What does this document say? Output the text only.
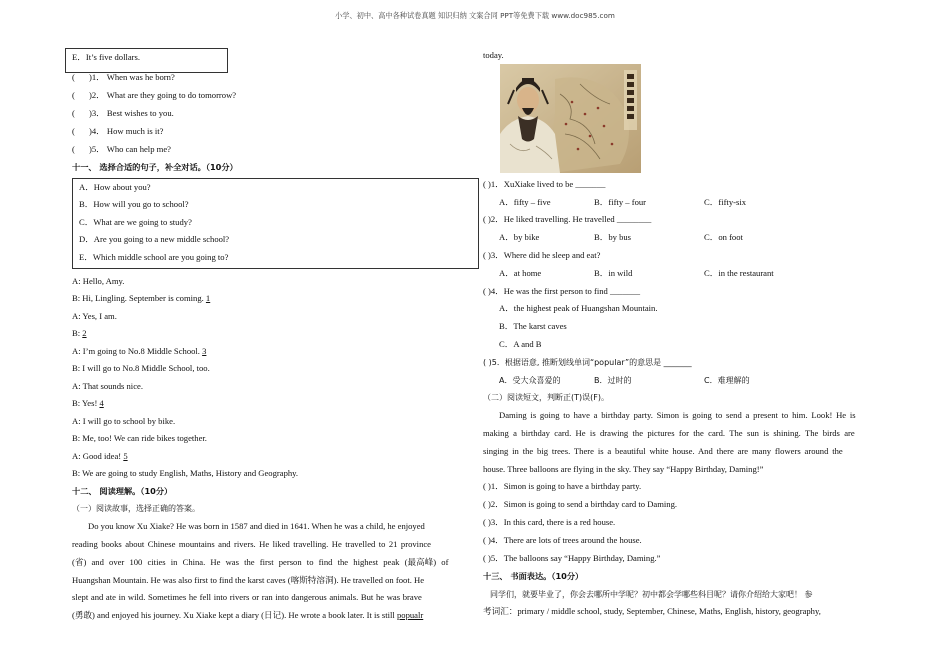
小学、初中、高中各种试卷真题 知识归纳 文案合同 PPT等免费下载 www.doc985.com
E．It’s five dollars.
( )1． When was he born?
( )2． What are they going to do tomorrow?
( )3． Best wishes to you.
( )4． How much is it?
( )5． Who can help me?
十一、 选择合适的句子，补全对话。（10分）
A．How about you?
B．How will you go to school?
C．What are we going to study?
D．Are you going to a new middle school?
E．Which middle school are you going to?
A: Hello, Amy.
B: Hi, Lingling. September is coming. 1
A: Yes, I am.
B: 2
A: I’m going to No.8 Middle School. 3
B: I will go to No.8 Middle School, too.
A: That sounds nice.
B: Yes! 4
A: I will go to school by bike.
B: Me, too! We can ride bikes together.
A: Good idea! 5
B: We are going to study English, Maths, History and Geography.
十二、 阅读理解。（10分）
（一）阅读故事，选择正确的答案。
Do you know Xu Xiake? He was born in 1587 and died in 1641. When he was a child, he enjoyed
reading books about Chinese mountains and rivers. He liked travelling. He travelled to 21 province
(省) and over 100 cities in China. He was the first person to find the highest peak (最高峰) of
Huangshan Mountain. He was also first to find the karst caves (喀斯特溶洞). He travelled on foot. He
slept and ate in wild. Sometimes he fell into rivers or ran into dangerous animals. But he was brave
(勇敢) and enjoyed his journey. Xu Xiake kept a diary (日记). He wrote a book later. It is still popualr
today.
( )1．XuXiake lived to be _______
A．fifty – five	B．fifty – four	C．fifty-six
( )2．He liked travelling. He travelled ________
A．by bike	B．by bus	C．on foot
( )3．Where did he sleep and eat?
A．at home	B．in wild	C．in the restaurant
( )4．He was the first person to find _______
A．the highest peak of Huangshan Mountain.
B．The karst caves
C．A and B
( )5．根据语意, 推断划线单词“popular”的意思是 _______
A．受大众喜爱的	B．过时的	C．难理解的
（二）阅读短文，判断正(T)误(F)。
Daming is going to have a birthday party. Simon is going to send a present to him. Look! He is
making a birthday card. He is drawing the pictures for the card. The sun is shining. The birds are
singing in the big trees. There is a beautiful white house. And there are many flowers around the
house. Three balloons are flying in the sky. They say “Happy Birthday, Daming!”
( )1．Simon is going to have a birthday party.
( )2．Simon is going to send a birthday card to Daming.
( )3．In this card, there is a red house.
( )4．There are lots of trees around the house.
( )5．The balloons say “Happy Birthday, Daming.”
十三、 书面表达。（10分）
同学们，就要毕业了，你会去哪所中学呢？初中都会学哪些科目呢？请你介绍给大家吧！ 参
考词汇：primary / middle school, study, September, Chinese, Maths, English, history, geography,
